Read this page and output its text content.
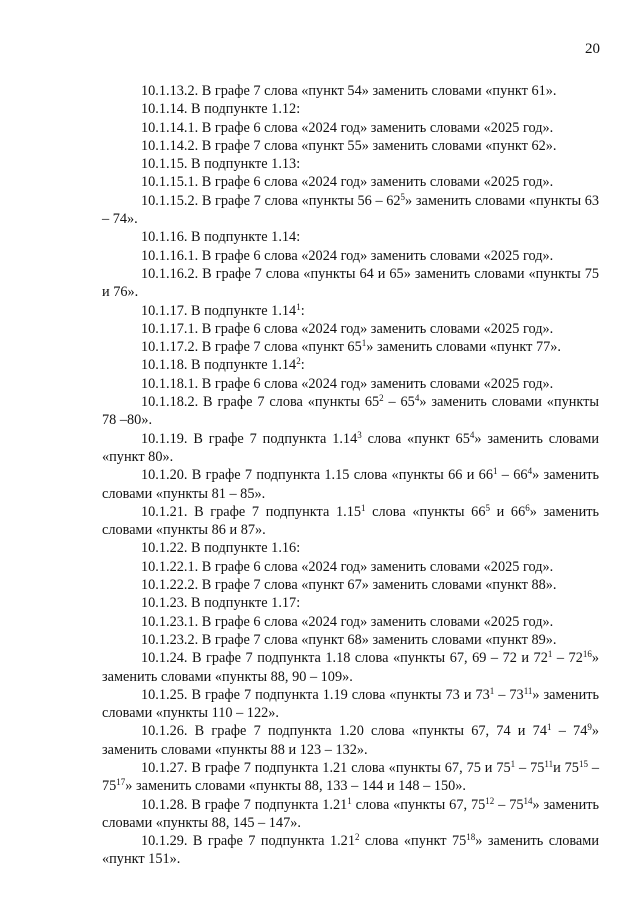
20

10.1.13.2. В графе 7 слова «пункт 54» заменить словами «пункт 61».

10.1.14. В подпункте 1.12:

10.1.14.1. В графе 6 слова «2024 год» заменить словами «2025 год».

10.1.14.2. В графе 7 слова «пункт 55» заменить словами «пункт 62».

10.1.15. В подпункте 1.13:

10.1.15.1. В графе 6 слова «2024 год» заменить словами «2025 год».

10.1.15.2. В графе 7 слова «пункты $56 - 62^5$» заменить словами «пункты 63 – 74».

10.1.16. В подпункте 1.14:

10.1.16.1. В графе 6 слова «2024 год» заменить словами «2025 год».

10.1.16.2. В графе 7 слова «пункты 64 и 65» заменить словами «пункты 75 и 76».

10.1.17. В подпункте 1.14$^1$:

10.1.17.1. В графе 6 слова «2024 год» заменить словами «2025 год».

10.1.17.2. В графе 7 слова «пункт $65^1$» заменить словами «пункт 77».

10.1.18. В подпункте 1.14$^2$:

10.1.18.1. В графе 6 слова «2024 год» заменить словами «2025 год».

10.1.18.2. В графе 7 слова «пункты $65^2 - 65^4$» заменить словами «пункты 78 –80».

10.1.19. В графе 7 подпункта 1.14$^3$ слова «пункт $65^4$» заменить словами «пункт 80».

10.1.20. В графе 7 подпункта 1.15 слова «пункты 66 и $66^1 - 66^4$» заменить словами «пункты 81 – 85».

10.1.21. В графе 7 подпункта 1.15$^1$ слова «пункты $66^5$ и $66^6$» заменить словами «пункты 86 и 87».

10.1.22. В подпункте 1.16:

10.1.22.1. В графе 6 слова «2024 год» заменить словами «2025 год».

10.1.22.2. В графе 7 слова «пункт 67» заменить словами «пункт 88».

10.1.23. В подпункте 1.17:

10.1.23.1. В графе 6 слова «2024 год» заменить словами «2025 год».

10.1.23.2. В графе 7 слова «пункт 68» заменить словами «пункт 89».

10.1.24. В графе 7 подпункта 1.18 слова «пункты 67, 69 – 72 и $72^1 - 72^{16}$» заменить словами «пункты 88, 90 – 109».

10.1.25. В графе 7 подпункта 1.19 слова «пункты 73 и $73^1 - 73^{11}$» заменить словами «пункты 110 – 122».

10.1.26. В графе 7 подпункта 1.20 слова «пункты 67, 74 и $74^1 - 74^9$» заменить словами «пункты 88 и 123 – 132».

10.1.27. В графе 7 подпункта 1.21 слова «пункты 67, 75 и $75^1 - 75^{11}и$ $75^{15} - 75^{17}$» заменить словами «пункты 88, 133 – 144 и 148 – 150».

10.1.28. В графе 7 подпункта 1.21$^1$ слова «пункты 67, $75^{12} - 75^{14}$» заменить словами «пункты 88, 145 – 147».

10.1.29. В графе 7 подпункта 1.21$^2$ слова «пункт $75^{18}$» заменить словами «пункт 151».
